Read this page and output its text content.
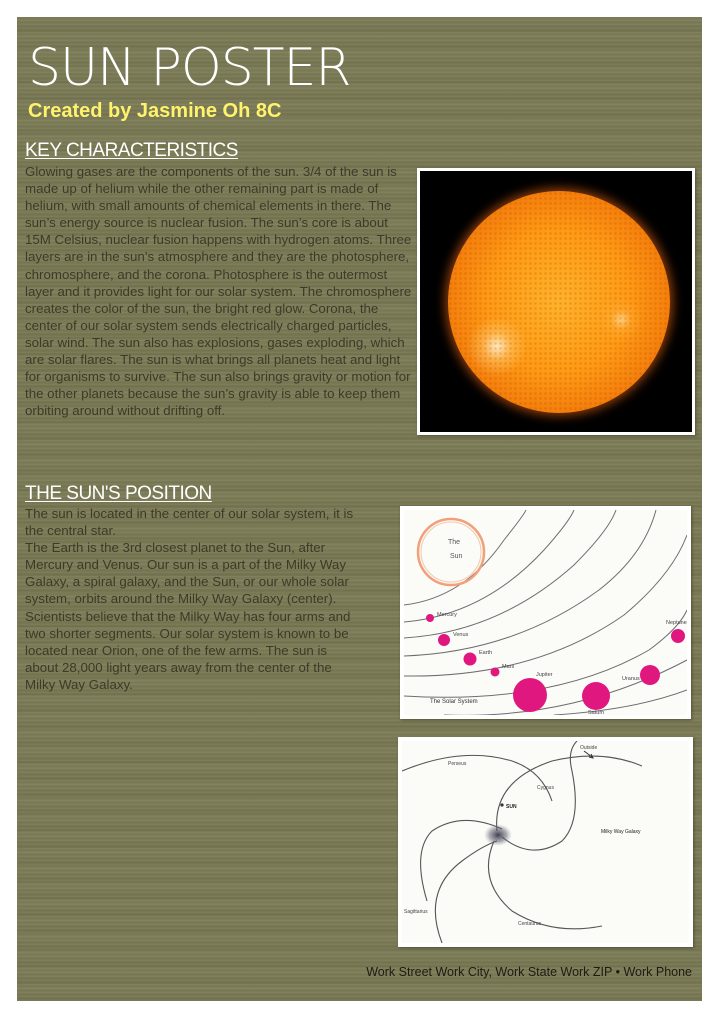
SUN POSTER

Created by Jasmine Oh 8C

KEY CHARACTERISTICS

Glowing gases are the components of the sun. 3/4 of the sun is made up of helium while the other remaining part is made of helium, with small amounts of chemical elements in there. The sun’s energy source is nuclear fusion. The sun’s core is about 15M Celsius, nuclear fusion happens with hydrogen atoms. Three layers are in the sun’s atmosphere and they are the photosphere, chromosphere, and the corona. Photosphere is the outermost layer and it provides light for our solar system. The chromosphere creates the color of the sun, the bright red glow. Corona, the center of our solar system sends electrically charged particles, solar wind. The sun also has explosions, gases exploding, which are solar flares. The sun is what brings all planets heat and light for organisms to survive. The sun also brings gravity or motion for the other planets because the sun’s gravity is able to keep them orbiting around without drifting off.

THE SUN'S POSITION

The sun is located in the center of our solar system, it is the central star.
The Earth is the 3rd closest planet to the Sun, after Mercury and Venus. Our sun is a part of the Milky Way Galaxy, a spiral galaxy, and the Sun, or our whole solar system, orbits around the Milky Way Galaxy (center). Scientists believe that the Milky Way has four arms and two shorter segments. Our solar system is known to be located near Orion, one of the few arms. The sun is about 28,000 light years away from the center of the Milky Way Galaxy.

The
Sun
Mercury
Venus
Earth
Mars
Jupiter
Saturn
Uranus
Neptune
The Solar System
Perseus
Outside
Cygnus
SUN
Milky Way Galaxy
Sagittarius
Centaurus

Work Street Work City, Work State Work ZIP • Work Phone
